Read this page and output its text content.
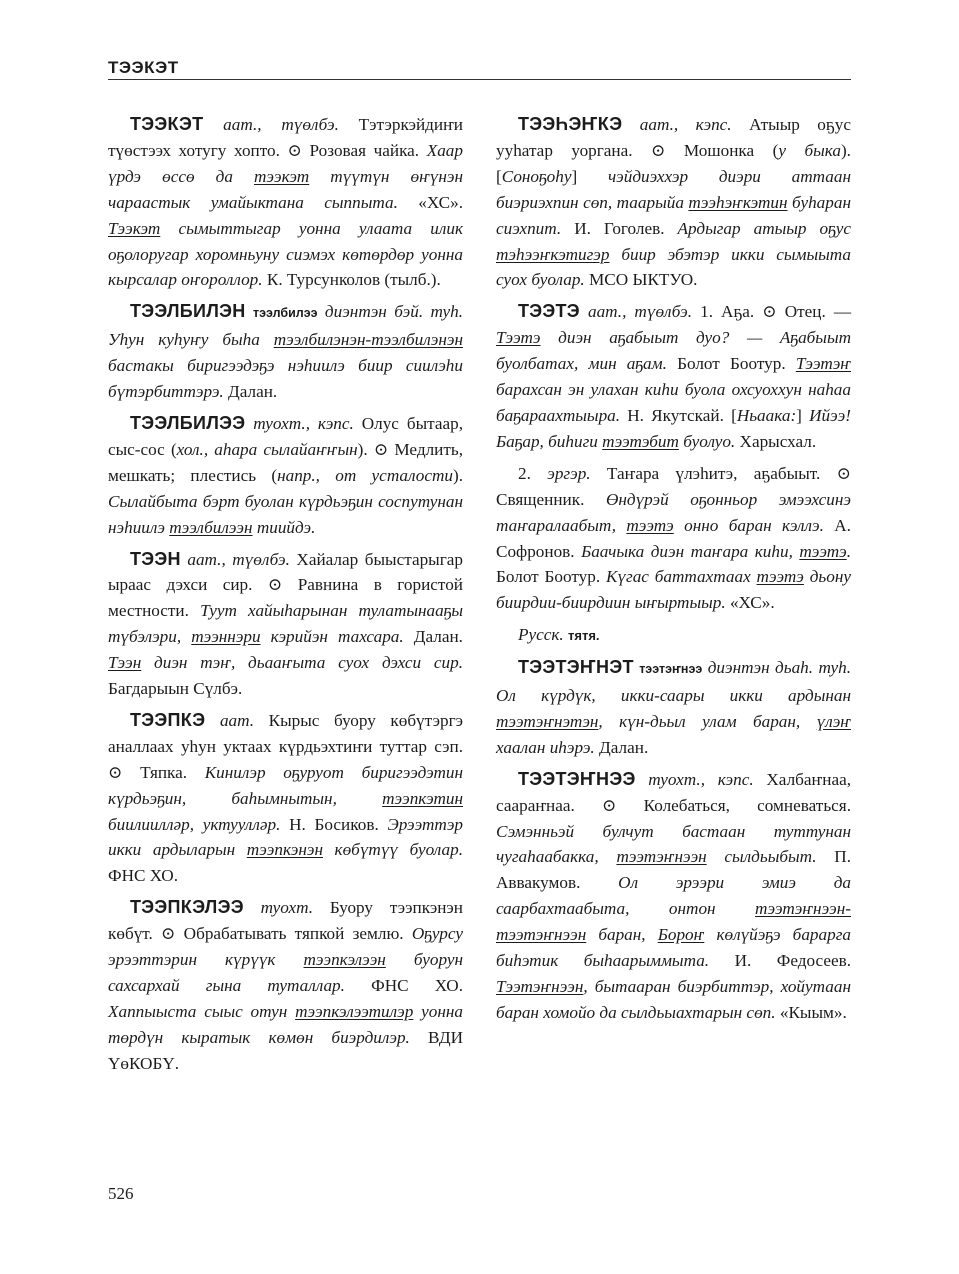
ТЭЭКЭТ

ТЭЭКЭТ аат., түөлбэ. Тэтэркэйдиҥи түөстээх хотугу хопто. ⊙ Розовая чайка. Хаар үрдэ өссө да тээкэт түүтүн өҥүнэн чараастык умайыктана сыппыта. «ХС». Тээкэт сымыттыгар уонна улаата илик оҕолоругар хоромньуну сиэмэх көтөрдөр уонна кырсалар оҥороллор. К. Турсунколов (тылб.).

ТЭЭЛБИЛЭН тээлбилээ диэнтэн бэй. туһ. Уһун куһуҥу быһа тээлбилэнэн-тээлбилэнэн бастакы биригээдэҕэ нэһиилэ биир сиилэһи бүтэрбиттэрэ. Далан.

ТЭЭЛБИЛЭЭ туохт., кэпс. Олус бытаар, сыс-сос (хол., аһара сылайаҥҥын). ⊙ Медлить, мешкать; плестись (напр., от усталости). Сылайбыта бэрт буолан күрдьэҕин соспутунан нэһиилэ тээлбилээн тиийдэ.

ТЭЭН аат., түөлбэ. Хайалар быыстарыгар ыраас дэхси сир. ⊙ Равнина в гористой местности. Туут хайыһарынан тулатынааҕы түбэлэри, тээннэри кэрийэн тахсара. Далан. Тээн диэн тэҥ, дьааҥыта суох дэхси сир. Багдарыын Сүлбэ.

ТЭЭПКЭ аат. Кырыс буору көбүтэргэ аналлаах уһун уктаах күрдьэхтиҥи туттар сэп. ⊙ Тяпка. Кинилэр оҕуруот биригээдэтин күрдьэҕин, баһымнытын, тээпкэтин биилиилләр, уктуулләр. Н. Босиков. Эрээттэр икки ардыларын тээпкэнэн көбүтүү буолар. ФНС ХО.

ТЭЭПКЭЛЭЭ туохт. Буору тээпкэнэн көбүт. ⊙ Обрабатывать тяпкой землю. Оҕурсу эрээттэрин күрүүк тээпкэлээн буорун сахсархай гына туталлар. ФНС ХО. Хаппыыста сыыс отун тээпкэлээтилэр уонна төрдүн кыратык көмөн биэрдилэр. ВДИ ҮөКОБҮ.

ТЭЭҺЭҤКЭ аат., кэпс. Атыыр оҕус ууһатар уоргана. ⊙ Мошонка (у быка). [Соноҕоһу] чэйдиэххэр диэри аттаан биэриэхпин сөп, таарыйа тээһэҥкэтин буһаран сиэхпит. И. Гоголев. Ардыгар атыыр оҕус тэһээҥкэтигэр биир эбэтэр икки сымыыта суох буолар. МСО ЫКТУО.

ТЭЭТЭ аат., түөлбэ. 1. Аҕа. ⊙ Отец. — Тээтэ диэн аҕабыыт дуо? — Аҕабыыт буолбатах, мин аҕам. Болот Боотур. Тээтэҥ барахсан эн улахан киһи буола охсуоххун наһаа баҕараахтыыра. Н. Якутскай. [Ньаака:] Ийээ! Баҕар, биһиги тээтэбит буолуо. Харысхал.

2. эргэр. Таҥара үлэһитэ, аҕабыыт. ⊙ Священник. Өндүрэй оҕонньор эмээхсинэ таҥаралаабыт, тээтэ онно баран кэллэ. А. Софронов. Баачыка диэн таҥара киһи, тээтэ. Болот Боотур. Күгас баттахтаах тээтэ дьону биирдии-биирдиин ыҥыртыыр. «ХС».

Русск. тятя.

ТЭЭТЭҤНЭТ тээтэҥнээ диэнтэн дьаһ. туһ. Ол күрдүк, икки-саары икки ардынан тээтэҥнэтэн, күн-дьыл улам баран, үлэҥ хаалан иһэрэ. Далан.

ТЭЭТЭҤНЭЭ туохт., кэпс. Халбаҥнаа, саараҥнаа. ⊙ Колебаться, сомневаться. Сэмэнньэй булчут бастаан туттунан чугаһаабакка, тээтэҥнээн сылдьыбыт. П. Аввакумов. Ол эрээри эмиэ да саарбахтаабыта, онтон тээтэҥнээн-тээтэҥнээн баран, Бороҥ көлүйэҕэ барарга биһэтик быһаарыммыта. И. Федосеев. Тээтэҥнээн, бытааран биэрбиттэр, хойутаан баран хомойо да сылдьыахтарын сөп. «Кыым».

526
